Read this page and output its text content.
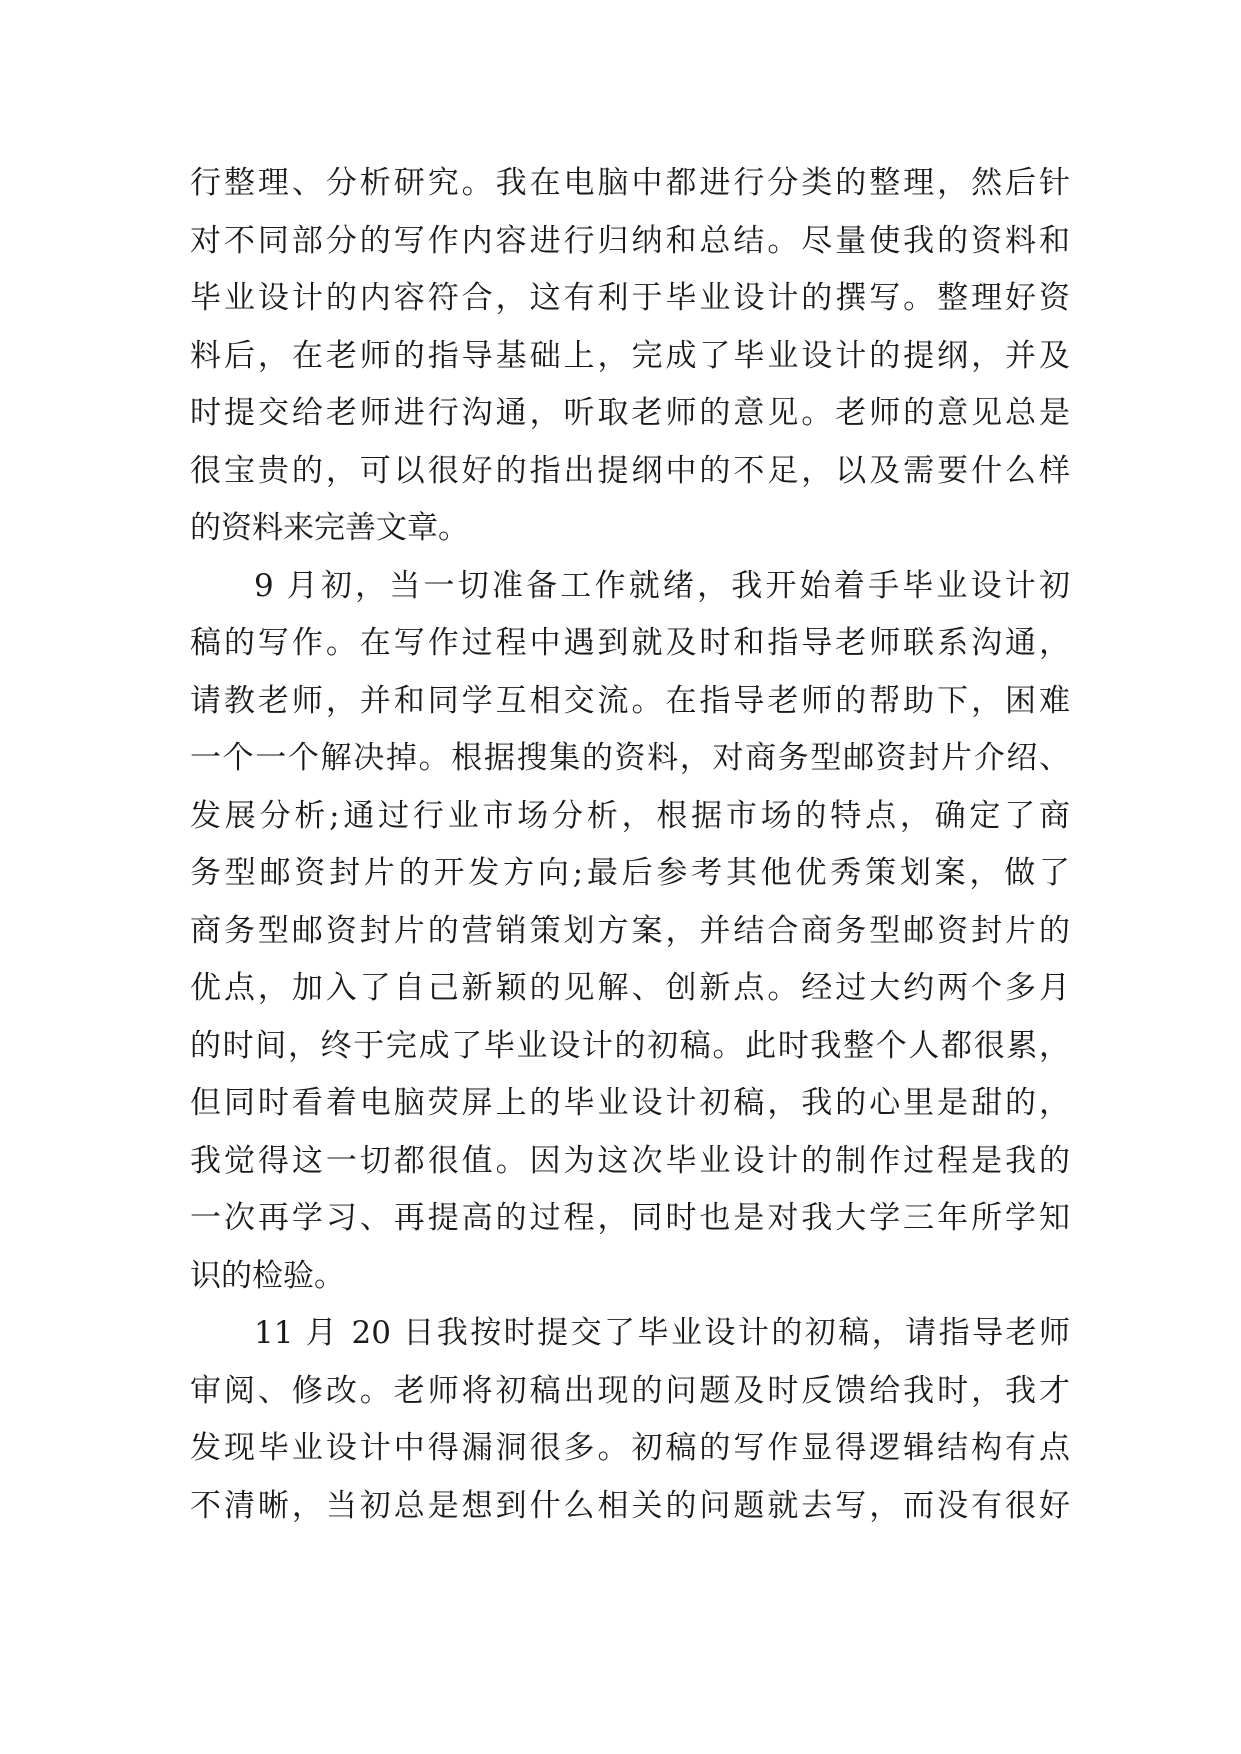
行整理、分析研究。我在电脑中都进行分类的整理，然后针
对不同部分的写作内容进行归纳和总结。尽量使我的资料和
毕业设计的内容符合，这有利于毕业设计的撰写。整理好资
料后，在老师的指导基础上，完成了毕业设计的提纲，并及
时提交给老师进行沟通，听取老师的意见。老师的意见总是
很宝贵的，可以很好的指出提纲中的不足，以及需要什么样
的资料来完善文章。
9 月初，当一切准备工作就绪，我开始着手毕业设计初
稿的写作。在写作过程中遇到就及时和指导老师联系沟通，
请教老师，并和同学互相交流。在指导老师的帮助下，困难
一个一个解决掉。根据搜集的资料，对商务型邮资封片介绍、
发展分析;通过行业市场分析，根据市场的特点，确定了商
务型邮资封片的开发方向;最后参考其他优秀策划案，做了
商务型邮资封片的营销策划方案，并结合商务型邮资封片的
优点，加入了自己新颖的见解、创新点。经过大约两个多月
的时间，终于完成了毕业设计的初稿。此时我整个人都很累，
但同时看着电脑荧屏上的毕业设计初稿，我的心里是甜的，
我觉得这一切都很值。因为这次毕业设计的制作过程是我的
一次再学习、再提高的过程，同时也是对我大学三年所学知
识的检验。
11 月 20 日我按时提交了毕业设计的初稿，请指导老师
审阅、修改。老师将初稿出现的问题及时反馈给我时，我才
发现毕业设计中得漏洞很多。初稿的写作显得逻辑结构有点
不清晰，当初总是想到什么相关的问题就去写，而没有很好
